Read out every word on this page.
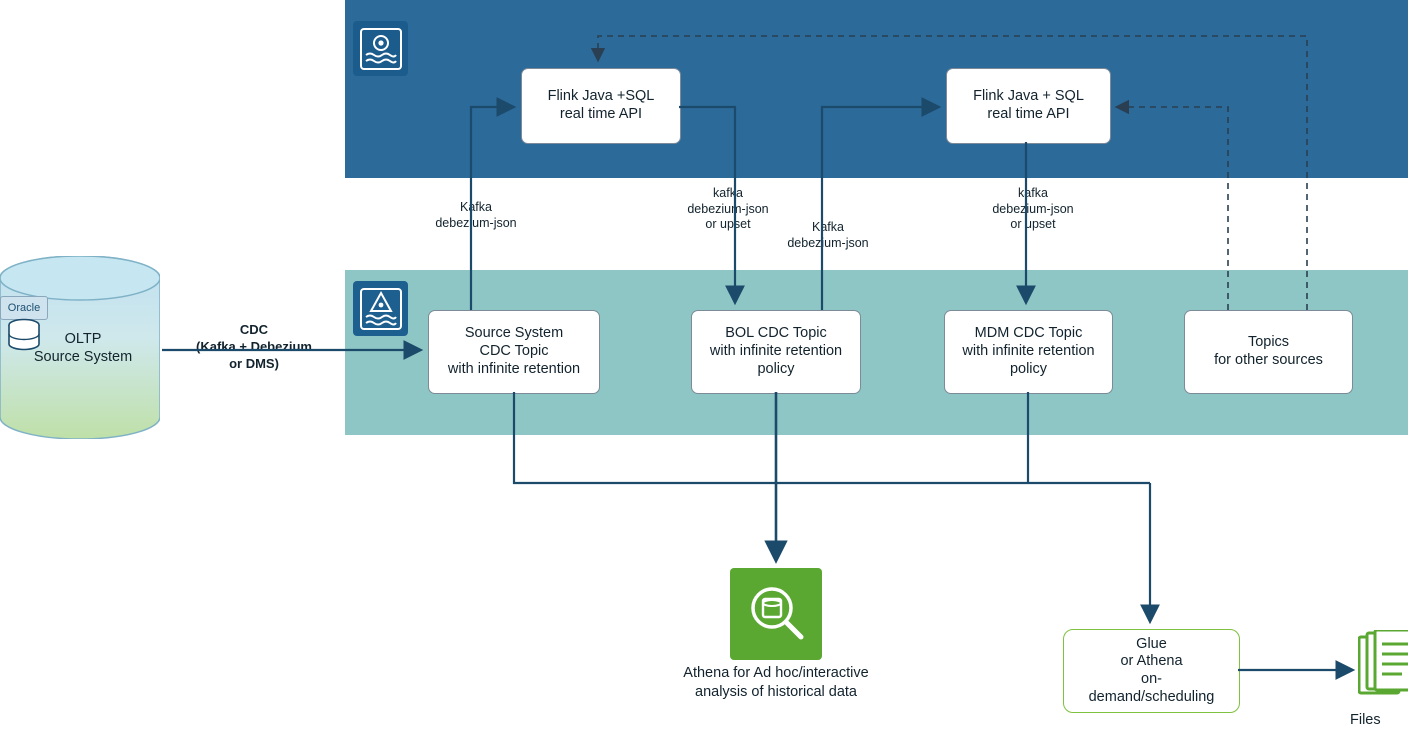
Oracle
OLTP
Source System
CDC
(Kafka + Debezium
or DMS)
Flink Java +SQL
real time API
Flink Java + SQL
real time API
Source System
CDC Topic
with infinite retention
BOL CDC Topic
with infinite retention
policy
MDM CDC Topic
with infinite retention
policy
Topics
for other sources
Kafka
debezium-json
kafka
debezium-json
or upset	Kafka
debezium-json
kafka
debezium-json
or upset
Athena for Ad hoc/interactive
analysis of historical data
Glue
or Athena
on-
demand/scheduling
Files
